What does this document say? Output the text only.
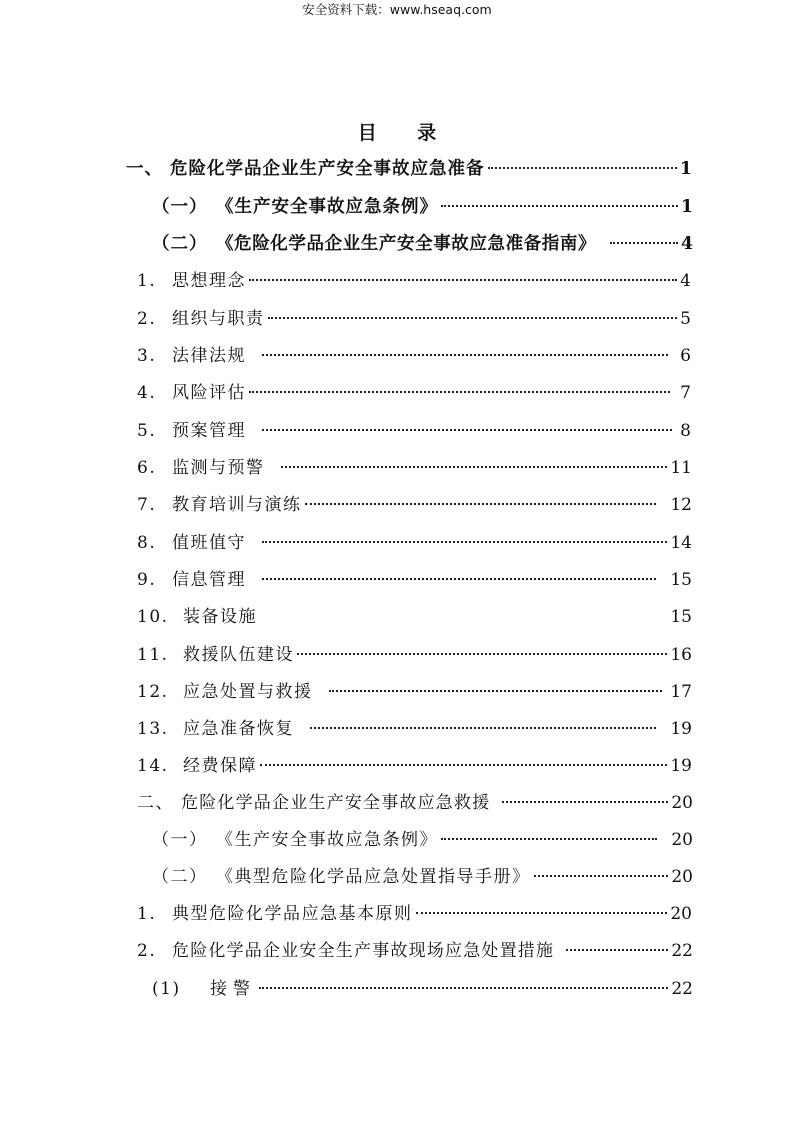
安全资料下载：www.hseaq.com
目 录
一、 危险化学品企业生产安全事故应急准备	1
（一） 《生产安全事故应急条例》	1
（二） 《危险化学品企业生产安全事故应急准备指南》	4
1. 思想理念	4
2. 组织与职责	5
3. 法律法规	6
4. 风险评估	7
5. 预案管理	8
6. 监测与预警	11
7. 教育培训与演练	12
8. 值班值守	14
9. 信息管理	15
10. 装备设施	15
11. 救援队伍建设	16
12. 应急处置与救援	17
13. 应急准备恢复	19
14. 经费保障	19
二、 危险化学品企业生产安全事故应急救援	20
（一） 《生产安全事故应急条例》	20
（二） 《典型危险化学品应急处置指导手册》	20
1. 典型危险化学品应急基本原则	20
2. 危险化学品企业安全生产事故现场应急处置措施	22
(1)	接警	22
